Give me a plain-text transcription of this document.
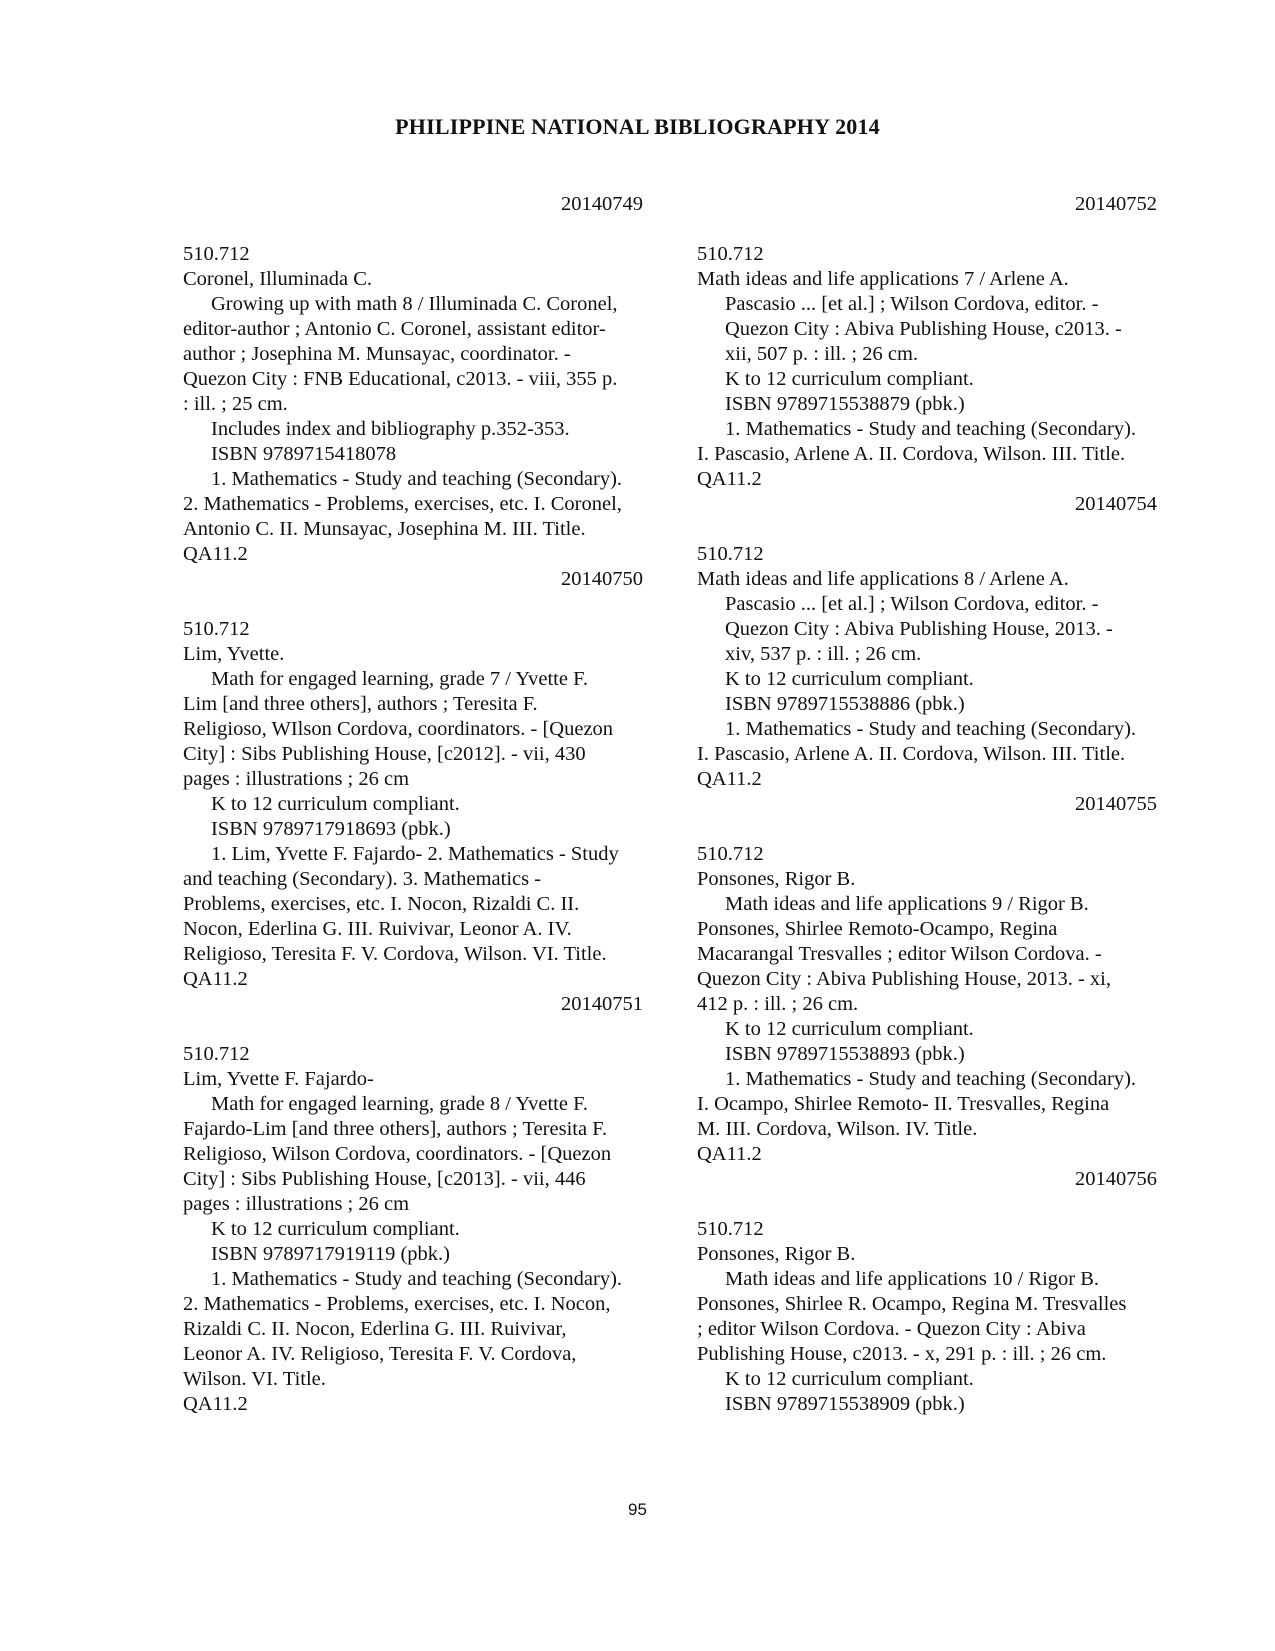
PHILIPPINE NATIONAL BIBLIOGRAPHY 2014
20140749
510.712
Coronel, Illuminada C.
Growing up with math 8 / Illuminada C. Coronel,
editor-author ; Antonio C. Coronel, assistant editor-
author ; Josephina M. Munsayac, coordinator. -
Quezon City : FNB Educational, c2013. - viii, 355 p.
: ill. ; 25 cm.
Includes index and bibliography p.352-353.
ISBN 9789715418078
1. Mathematics - Study and teaching (Secondary).
2. Mathematics - Problems, exercises, etc. I. Coronel,
Antonio C. II. Munsayac, Josephina M. III. Title.
QA11.2
20140750
510.712
Lim, Yvette.
Math for engaged learning, grade 7 / Yvette F.
Lim [and three others], authors ; Teresita F.
Religioso, WIlson Cordova, coordinators. - [Quezon
City] : Sibs Publishing House, [c2012]. - vii, 430
pages : illustrations ; 26 cm
K to 12 curriculum compliant.
ISBN 9789717918693 (pbk.)
1. Lim, Yvette F. Fajardo- 2. Mathematics - Study
and teaching (Secondary). 3. Mathematics -
Problems, exercises, etc. I. Nocon, Rizaldi C. II.
Nocon, Ederlina G. III. Ruivivar, Leonor A. IV.
Religioso, Teresita F. V. Cordova, Wilson. VI. Title.
QA11.2
20140751
510.712
Lim, Yvette F. Fajardo-
Math for engaged learning, grade 8 / Yvette F.
Fajardo-Lim [and three others], authors ; Teresita F.
Religioso, Wilson Cordova, coordinators. - [Quezon
City] : Sibs Publishing House, [c2013]. - vii, 446
pages : illustrations ; 26 cm
K to 12 curriculum compliant.
ISBN 9789717919119 (pbk.)
1. Mathematics - Study and teaching (Secondary).
2. Mathematics - Problems, exercises, etc. I. Nocon,
Rizaldi C. II. Nocon, Ederlina G. III. Ruivivar,
Leonor A. IV. Religioso, Teresita F. V. Cordova,
Wilson. VI. Title.
QA11.2
20140752
510.712
Math ideas and life applications 7 / Arlene A.
Pascasio ... [et al.] ; Wilson Cordova, editor. -
Quezon City : Abiva Publishing House, c2013. -
xii, 507 p. : ill. ; 26 cm.
K to 12 curriculum compliant.
ISBN 9789715538879 (pbk.)
1. Mathematics - Study and teaching (Secondary).
I. Pascasio, Arlene A. II. Cordova, Wilson. III. Title.
QA11.2
20140754
510.712
Math ideas and life applications 8 / Arlene A.
Pascasio ... [et al.] ; Wilson Cordova, editor. -
Quezon City : Abiva Publishing House, 2013. -
xiv, 537 p. : ill. ; 26 cm.
K to 12 curriculum compliant.
ISBN 9789715538886 (pbk.)
1. Mathematics - Study and teaching (Secondary).
I. Pascasio, Arlene A. II. Cordova, Wilson. III. Title.
QA11.2
20140755
510.712
Ponsones, Rigor B.
Math ideas and life applications 9 / Rigor B.
Ponsones, Shirlee Remoto-Ocampo, Regina
Macarangal Tresvalles ; editor Wilson Cordova. -
Quezon City : Abiva Publishing House, 2013. - xi,
412 p. : ill. ; 26 cm.
K to 12 curriculum compliant.
ISBN 9789715538893 (pbk.)
1. Mathematics - Study and teaching (Secondary).
I. Ocampo, Shirlee Remoto- II. Tresvalles, Regina
M. III. Cordova, Wilson. IV. Title.
QA11.2
20140756
510.712
Ponsones, Rigor B.
Math ideas and life applications 10 / Rigor B.
Ponsones, Shirlee R. Ocampo, Regina M. Tresvalles
; editor Wilson Cordova. - Quezon City : Abiva
Publishing House, c2013. - x, 291 p. : ill. ; 26 cm.
K to 12 curriculum compliant.
ISBN 9789715538909 (pbk.)
95
